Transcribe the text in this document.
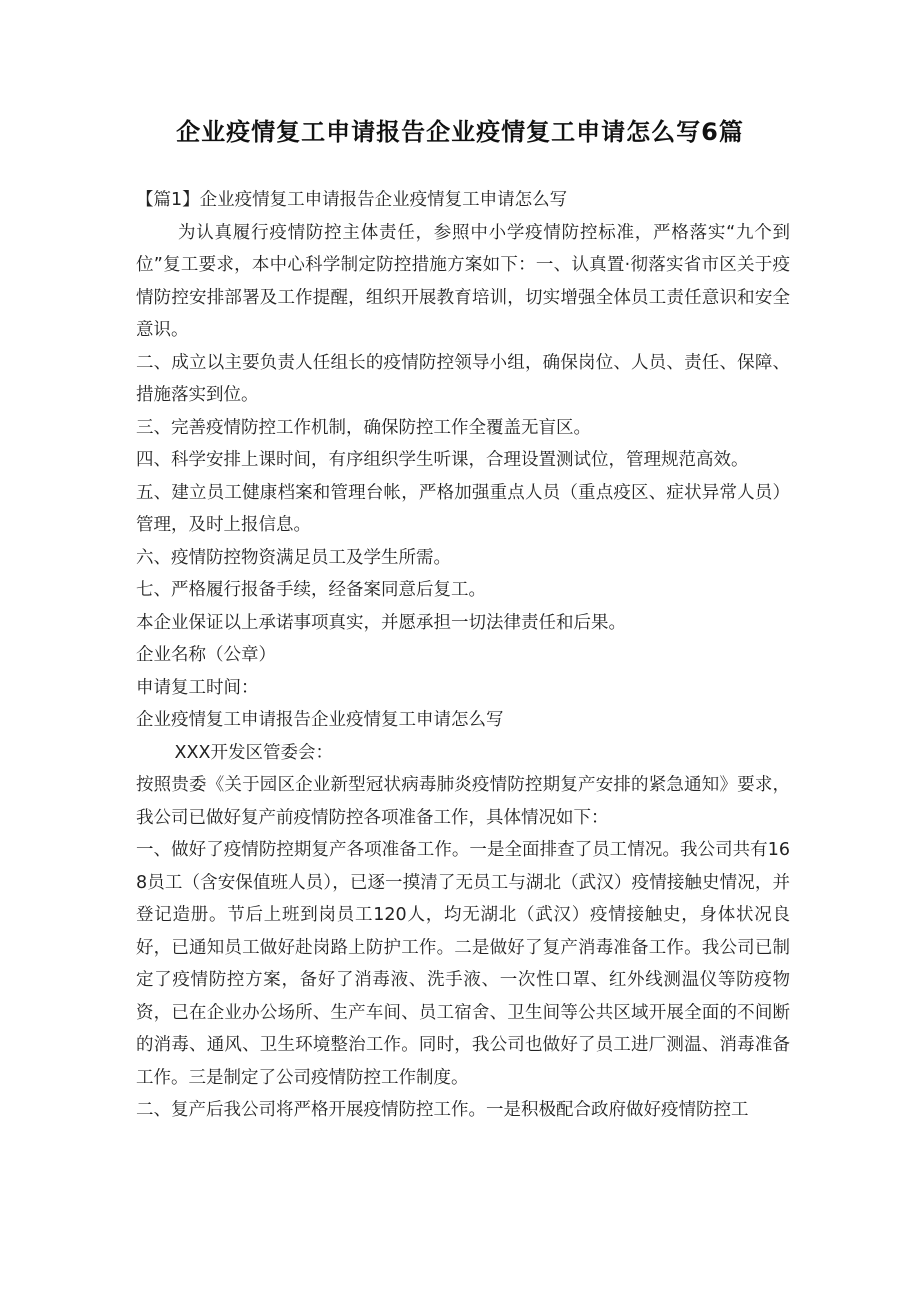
企业疫情复工申请报告企业疫情复工申请怎么写6篇

【篇1】企业疫情复工申请报告企业疫情复工申请怎么写

为认真履行疫情防控主体责任，参照中小学疫情防控标准，严格落实“九个到位”复工要求，本中心科学制定防控措施方案如下：一、认真置·彻落实省市区关于疫情防控安排部署及工作提醒，组织开展教育培训，切实增强全体员工责任意识和安全意识。

二、成立以主要负责人任组长的疫情防控领导小组，确保岗位、人员、责任、保障、措施落实到位。

三、完善疫情防控工作机制，确保防控工作全覆盖无盲区。

四、科学安排上课时间，有序组织学生听课，合理设置测试位，管理规范高效。

五、建立员工健康档案和管理台帐，严格加强重点人员（重点疫区、症状异常人员）管理，及时上报信息。

六、疫情防控物资满足员工及学生所需。

七、严格履行报备手续，经备案同意后复工。

本企业保证以上承诺事项真实，并愿承担一切法律责任和后果。

企业名称（公章）

申请复工时间：

企业疫情复工申请报告企业疫情复工申请怎么写

XXX开发区管委会：

按照贵委《关于园区企业新型冠状病毒肺炎疫情防控期复产安排的紧急通知》要求，我公司已做好复产前疫情防控各项准备工作，具体情况如下：

一、做好了疫情防控期复产各项准备工作。一是全面排查了员工情况。我公司共有168员工（含安保值班人员），已逐一摸清了无员工与湖北（武汉）疫情接触史情况，并登记造册。节后上班到岗员工120人，均无湖北（武汉）疫情接触史，身体状况良好，已通知员工做好赴岗路上防护工作。二是做好了复产消毒准备工作。我公司已制定了疫情防控方案，备好了消毒液、洗手液、一次性口罩、红外线测温仪等防疫物资，已在企业办公场所、生产车间、员工宿舍、卫生间等公共区域开展全面的不间断的消毒、通风、卫生环境整治工作。同时，我公司也做好了员工进厂测温、消毒准备工作。三是制定了公司疫情防控工作制度。

二、复产后我公司将严格开展疫情防控工作。一是积极配合政府做好疫情防控工
